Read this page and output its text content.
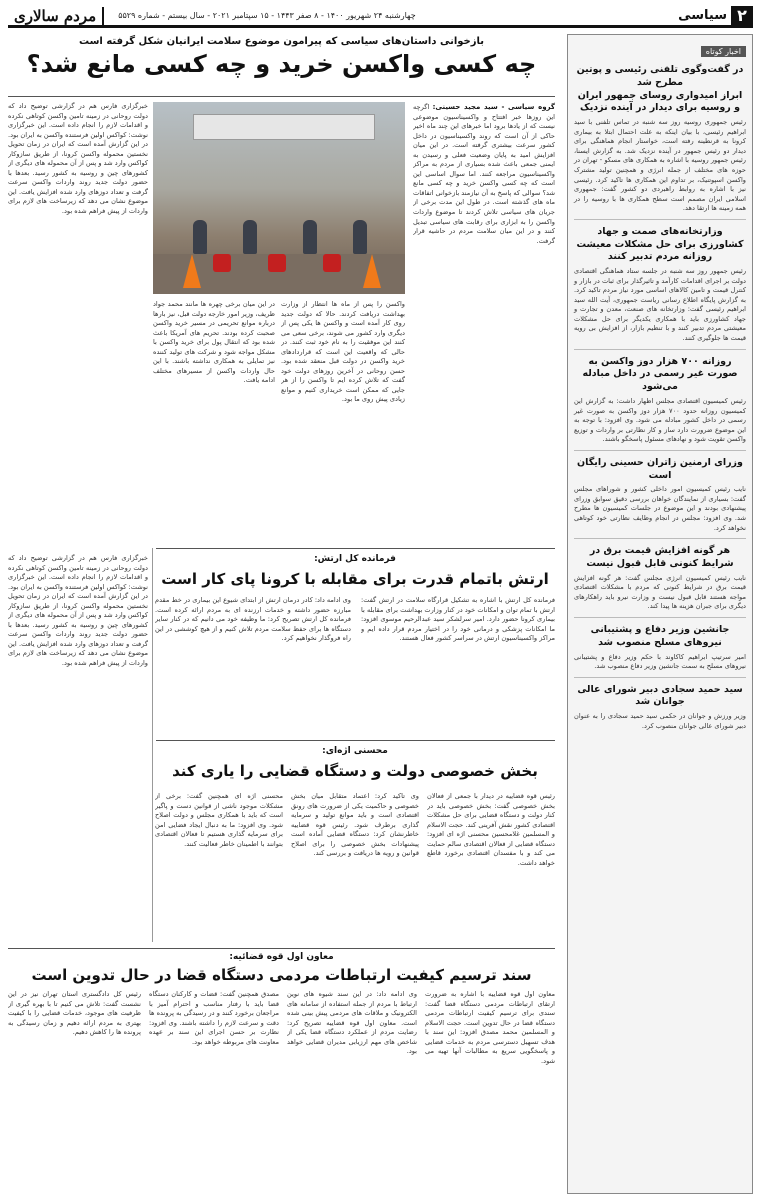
۲
سیاسی
چهارشنبه ۲۴ شهریور ۱۴۰۰ - ۸ صفر ۱۴۴۳ - ۱۵ سپتامبر ۲۰۲۱ - سال بیستم - شماره ۵۵۲۹
مردم سالاری
اخبار کوتاه
در گفت‌وگوی تلفنی رئیسی و پوتین مطرح شد
ابراز امیدواری روسای جمهور ایران و روسیه برای دیدار در آینده نزدیک

رئیس جمهوری روسیه روز سه شنبه در تماس تلفنی با سید ابراهیم رئیسی، با بیان اینکه به علت احتمال ابتلا به بیماری کرونا به قرنطینه رفته است، خواستار انجام هماهنگی برای دیدار دو رئیس جمهور در آینده نزدیک شد. به گزارش ایسنا، رئیس جمهور روسیه با اشاره به همکاری های مسکو - تهران در حوزه های مختلف از جمله انرژی و همچنین تولید مشترک واکسن اسپوتنیک، بر تداوم این همکاری ها تاکید کرد. رئیسی نیز با اشاره به روابط راهبردی دو کشور گفت: جمهوری اسلامی ایران مصمم است سطح همکاری ها با روسیه را در همه زمینه ها ارتقا دهد.

وزارتخانه‌های صمت و جهاد کشاورزی برای حل مشکلات معیشت روزانه مردم تدبیر کنند

رئیس جمهور روز سه شنبه در جلسه ستاد هماهنگی اقتصادی دولت بر اجرای اقدامات کارآمد و تاثیرگذار برای ثبات در بازار و کنترل قیمت و تامین کالاهای اساسی مورد نیاز مردم تاکید کرد. به گزارش پایگاه اطلاع رسانی ریاست جمهوری، آیت الله سید ابراهیم رئیسی گفت: وزارتخانه های صنعت، معدن و تجارت و جهاد کشاورزی باید با همکاری یکدیگر برای حل مشکلات معیشتی مردم تدبیر کنند و با تنظیم بازار، از افزایش بی رویه قیمت ها جلوگیری کنند.

روزانه ۷۰۰ هزار دوز واکسن به صورت غیر رسمی در داخل مبادله می‌شود

رئیس کمیسیون اقتصادی مجلس اظهار داشت: به گزارش این کمیسیون روزانه حدود ۷۰۰ هزار دوز واکسن به صورت غیر رسمی در داخل کشور مبادله می شود. وی افزود: با توجه به این موضوع ضرورت دارد ساز و کار نظارتی بر واردات و توزیع واکسن تقویت شود و نهادهای مسئول پاسخگو باشند.

وزرای ارمنین زاتران حسینی رایگان است

نایب رئیس کمیسیون امور داخلی کشور و شوراهای مجلس گفت: بسیاری از نمایندگان خواهان بررسی دقیق سوابق وزرای پیشنهادی بودند و این موضوع در جلسات کمیسیون ها مطرح شد. وی افزود: مجلس در انجام وظایف نظارتی خود کوتاهی نخواهد کرد.

هر گونه افزایش قیمت برق در شرایط کنونی قابل قبول نیست

نایب رئیس کمیسیون انرژی مجلس گفت: هر گونه افزایش قیمت برق در شرایط کنونی که مردم با مشکلات اقتصادی مواجه هستند قابل قبول نیست و وزارت نیرو باید راهکارهای دیگری برای جبران هزینه ها پیدا کند.

جانشین وزیر دفاع و پشتیبانی نیروهای مسلح منصوب شد

امیر سرتیپ ابراهیم کاکاوند با حکم وزیر دفاع و پشتیبانی نیروهای مسلح به سمت جانشین وزیر دفاع منصوب شد.

سید حمید سجادی دبیر شورای عالی جوانان شد

وزیر ورزش و جوانان در حکمی سید حمید سجادی را به عنوان دبیر شورای عالی جوانان منصوب کرد.

بازخوانی داستان‌های سیاسی که پیرامون موضوع سلامت ایرانیان شکل گرفته است
چه کسی واکسن خرید و چه کسی مانع شد؟

گروه سیاسی - سید مجید حسینی: اگرچه این روزها خبر افتتاح و واکسیناسیون موضوعی نیست که از یادها برود اما خبرهای این چند ماه اخیر حاکی از آن است که روند واکسیناسیون در داخل کشور سرعت بیشتری گرفته است. در این میان افزایش امید به پایان وضعیت فعلی و رسیدن به ایمنی جمعی باعث شده بسیاری از مردم به مراکز واکسیناسیون مراجعه کنند. اما سوال اساسی این است که چه کسی واکسن خرید و چه کسی مانع شد؟ سوالی که پاسخ به آن نیازمند بازخوانی اتفاقات ماه های گذشته است. در طول این مدت برخی از جریان های سیاسی تلاش کردند تا موضوع واردات واکسن را به ابزاری برای رقابت های سیاسی تبدیل کنند و در این میان سلامت مردم در حاشیه قرار گرفت.

خبرگزاری فارس هم در گزارشی توضیح داد که دولت روحانی در زمینه تامین واکسن کوتاهی نکرده و اقدامات لازم را انجام داده است. این خبرگزاری نوشت: کواکس اولین فرستنده واکسن به ایران بود. در این گزارش آمده است که ایران در زمان تحویل نخستین محموله واکسن کرونا، از طریق سازوکار کواکس وارد شد و پس از آن محموله های دیگری از کشورهای چین و روسیه به کشور رسید. بعدها با حضور دولت جدید روند واردات واکسن سرعت گرفت و تعداد دوزهای وارد شده افزایش یافت. این موضوع نشان می دهد که زیرساخت های لازم برای واردات از پیش فراهم شده بود.

واکسن را پس از ماه ها انتظار از وزارت بهداشت دریافت کردند. حالا که دولت جدید روی کار آمده است و واکسن ها یکی پس از دیگری وارد کشور می شوند، برخی سعی می کنند این موفقیت را به نام خود ثبت کنند. در حالی که واقعیت این است که قراردادهای خرید واکسن در دولت قبل منعقد شده بود. حسن روحانی در آخرین روزهای دولت خود گفت که تلاش کرده ایم تا واکسن را از هر جایی که ممکن است خریداری کنیم و موانع زیادی پیش روی ما بود.

در این میان برخی چهره ها مانند محمد جواد ظریف، وزیر امور خارجه دولت قبل، نیز بارها درباره موانع تحریمی در مسیر خرید واکسن صحبت کرده بودند. تحریم های آمریکا باعث شده بود که انتقال پول برای خرید واکسن با مشکل مواجه شود و شرکت های تولید کننده نیز تمایلی به همکاری نداشته باشند. با این حال واردات واکسن از مسیرهای مختلف ادامه یافت.

فرمانده کل ارتش:
ارتش باتمام قدرت برای مقابله با کرونا پای کار است

فرمانده کل ارتش با اشاره به تشکیل قرارگاه سلامت در ارتش گفت: ارتش با تمام توان و امکانات خود در کنار وزارت بهداشت برای مقابله با بیماری کرونا حضور دارد. امیر سرلشکر سید عبدالرحیم موسوی افزود: ما امکانات پزشکی و درمانی خود را در اختیار مردم قرار داده ایم و مراکز واکسیناسیون ارتش در سراسر کشور فعال هستند.

وی ادامه داد: کادر درمان ارتش از ابتدای شیوع این بیماری در خط مقدم مبارزه حضور داشته و خدمات ارزنده ای به مردم ارائه کرده است. فرمانده کل ارتش تصریح کرد: ما وظیفه خود می دانیم که در کنار سایر دستگاه ها برای حفظ سلامت مردم تلاش کنیم و از هیچ کوششی در این راه فروگذار نخواهیم کرد.

محسنی اژه‌ای:
بخش خصوصی دولت و دستگاه قضایی را یاری کند

رئیس قوه قضاییه در دیدار با جمعی از فعالان بخش خصوصی گفت: بخش خصوصی باید در کنار دولت و دستگاه قضایی برای حل مشکلات اقتصادی کشور نقش آفرینی کند. حجت الاسلام و المسلمین غلامحسین محسنی اژه ای افزود: دستگاه قضایی از فعالان اقتصادی سالم حمایت می کند و با مفسدان اقتصادی برخورد قاطع خواهد داشت.

وی تاکید کرد: اعتماد متقابل میان بخش خصوصی و حاکمیت یکی از ضرورت های رونق اقتصادی است و باید موانع تولید و سرمایه گذاری برطرف شود. رئیس قوه قضاییه خاطرنشان کرد: دستگاه قضایی آماده است پیشنهادات بخش خصوصی را برای اصلاح قوانین و رویه ها دریافت و بررسی کند.

محسنی اژه ای همچنین گفت: برخی از مشکلات موجود ناشی از قوانین دست و پاگیر است که باید با همکاری مجلس و دولت اصلاح شود. وی افزود: ما به دنبال ایجاد فضایی امن برای سرمایه گذاری هستیم تا فعالان اقتصادی بتوانند با اطمینان خاطر فعالیت کنند.

خبرگزاری فارس هم در گزارشی توضیح داد که دولت روحانی در زمینه تامین واکسن کوتاهی نکرده و اقدامات لازم را انجام داده است. این خبرگزاری نوشت: کواکس اولین فرستنده واکسن به ایران بود. در این گزارش آمده است که ایران در زمان تحویل نخستین محموله واکسن کرونا، از طریق سازوکار کواکس وارد شد و پس از آن محموله های دیگری از کشورهای چین و روسیه به کشور رسید. بعدها با حضور دولت جدید روند واردات واکسن سرعت گرفت و تعداد دوزهای وارد شده افزایش یافت. این موضوع نشان می دهد که زیرساخت های لازم برای واردات از پیش فراهم شده بود.

معاون اول قوه قضائیه:
سند ترسیم کیفیت ارتباطات مردمی دستگاه قضا در حال تدوین است

معاون اول قوه قضاییه با اشاره به ضرورت ارتقای ارتباطات مردمی دستگاه قضا گفت: سندی برای ترسیم کیفیت ارتباطات مردمی دستگاه قضا در حال تدوین است. حجت الاسلام و المسلمین محمد مصدق افزود: این سند با هدف تسهیل دسترسی مردم به خدمات قضایی و پاسخگویی سریع به مطالبات آنها تهیه می شود.

وی ادامه داد: در این سند شیوه های نوین ارتباط با مردم از جمله استفاده از سامانه های الکترونیک و ملاقات های مردمی پیش بینی شده است. معاون اول قوه قضاییه تصریح کرد: رضایت مردم از عملکرد دستگاه قضا یکی از شاخص های مهم ارزیابی مدیران قضایی خواهد بود.

مصدق همچنین گفت: قضات و کارکنان دستگاه قضا باید با رفتار مناسب و احترام آمیز با مراجعان برخورد کنند و در رسیدگی به پرونده ها دقت و سرعت لازم را داشته باشند. وی افزود: نظارت بر حسن اجرای این سند بر عهده معاونت های مربوطه خواهد بود.

رئیس کل دادگستری استان تهران نیز در این نشست گفت: تلاش می کنیم تا با بهره گیری از ظرفیت های موجود، خدمات قضایی را با کیفیت بهتری به مردم ارائه دهیم و زمان رسیدگی به پرونده ها را کاهش دهیم.
